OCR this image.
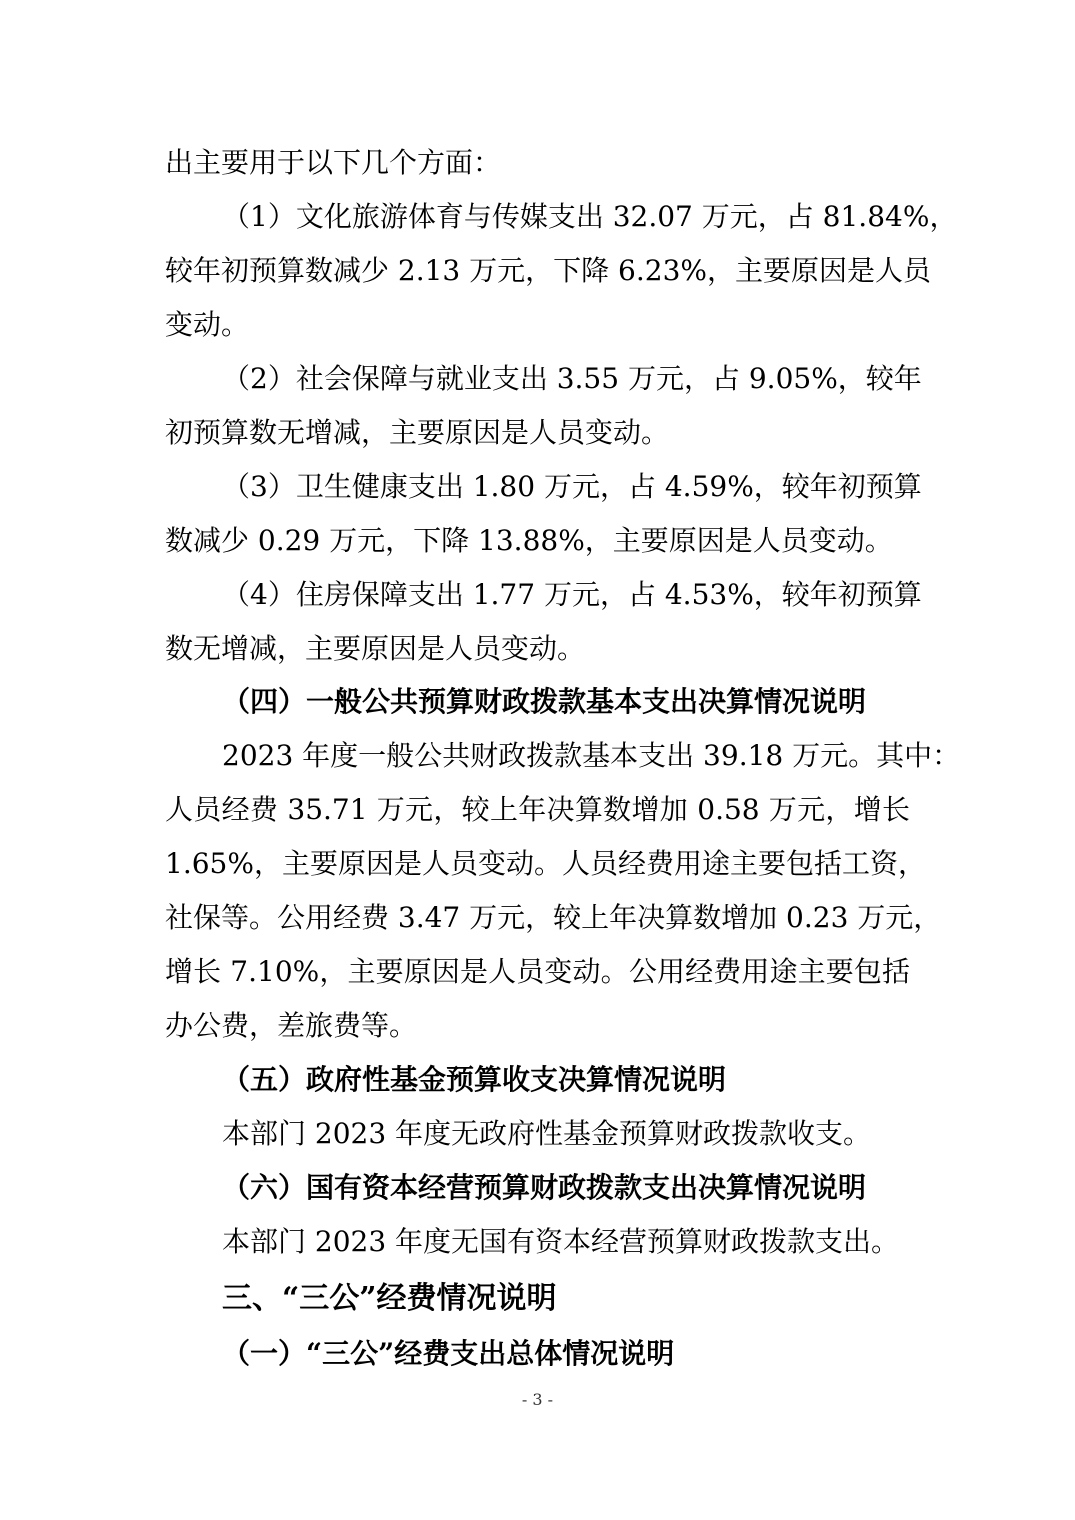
出主要用于以下几个方面：
（1）文化旅游体育与传媒支出 32.07 万元，占 81.84%，
较年初预算数减少 2.13 万元，下降 6.23%，主要原因是人员
变动。
（2）社会保障与就业支出 3.55 万元，占 9.05%，较年
初预算数无增减，主要原因是人员变动。
（3）卫生健康支出 1.80 万元，占 4.59%，较年初预算
数减少 0.29 万元，下降 13.88%，主要原因是人员变动。
（4）住房保障支出 1.77 万元，占 4.53%，较年初预算
数无增减，主要原因是人员变动。
（四）一般公共预算财政拨款基本支出决算情况说明
2023 年度一般公共财政拨款基本支出 39.18 万元。其中：
人员经费 35.71 万元，较上年决算数增加 0.58 万元，增长
1.65%，主要原因是人员变动。人员经费用途主要包括工资，
社保等。公用经费 3.47 万元，较上年决算数增加 0.23 万元，
增长 7.10%，主要原因是人员变动。公用经费用途主要包括
办公费，差旅费等。
（五）政府性基金预算收支决算情况说明
本部门 2023 年度无政府性基金预算财政拨款收支。
（六）国有资本经营预算财政拨款支出决算情况说明
本部门 2023 年度无国有资本经营预算财政拨款支出。
三、“三公”经费情况说明
（一）“三公”经费支出总体情况说明
- 3 -
